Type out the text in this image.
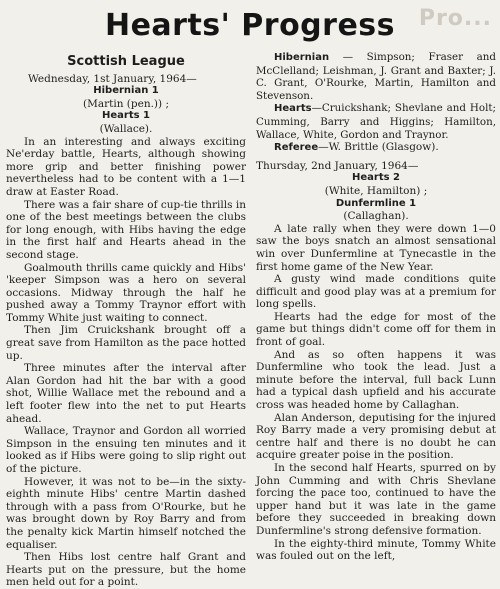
Pro...
Hearts' Progress
Scottish League

Wednesday, 1st January, 1964—

Hibernian 1

(Martin (pen.)) ;

Hearts 1

(Wallace).

In an interesting and always exciting Ne'erday battle, Hearts, although showing more grip and better finishing power nevertheless had to be content with a 1—1 draw at Easter Road.

There was a fair share of cup-tie thrills in one of the best meetings between the clubs for long enough, with Hibs having the edge in the first half and Hearts ahead in the second stage.

Goalmouth thrills came quickly and Hibs' 'keeper Simpson was a hero on several occasions. Midway through the half he pushed away a Tommy Traynor effort with Tommy White just waiting to connect.

Then Jim Cruickshank brought off a great save from Hamilton as the pace hotted up.

Three minutes after the interval after Alan Gordon had hit the bar with a good shot, Willie Wallace met the rebound and a left footer flew into the net to put Hearts ahead.

Wallace, Traynor and Gordon all worried Simpson in the ensuing ten minutes and it looked as if Hibs were going to slip right out of the picture.

However, it was not to be—in the sixty-eighth minute Hibs' centre Martin dashed through with a pass from O'Rourke, but he was brought down by Roy Barry and from the penalty kick Martin himself notched the equaliser.

Then Hibs lost centre half Grant and Hearts put on the pressure, but the home men held out for a point.

Hibernian — Simpson; Fraser and McClelland; Leishman, J. Grant and Baxter; J. C. Grant, O'Rourke, Martin, Hamilton and Stevenson.

Hearts—Cruickshank; Shevlane and Holt; Cumming, Barry and Higgins; Hamilton, Wallace, White, Gordon and Traynor.

Referee—W. Brittle (Glasgow).

Thursday, 2nd January, 1964—

Hearts 2

(White, Hamilton) ;

Dunfermline 1

(Callaghan).

A late rally when they were down 1—0 saw the boys snatch an almost sensational win over Dunfermline at Tynecastle in the first home game of the New Year.

A gusty wind made conditions quite difficult and good play was at a premium for long spells.

Hearts had the edge for most of the game but things didn't come off for them in front of goal.

And as so often happens it was Dunfermline who took the lead. Just a minute before the interval, full back Lunn had a typical dash upfield and his accurate cross was headed home by Callaghan.

Alan Anderson, deputising for the injured Roy Barry made a very promising debut at centre half and there is no doubt he can acquire greater poise in the position.

In the second half Hearts, spurred on by John Cumming and with Chris Shevlane forcing the pace too, continued to have the upper hand but it was late in the game before they succeeded in breaking down Dunfermline's strong defensive formation.

In the eighty-third minute, Tommy White was fouled out on the left,
